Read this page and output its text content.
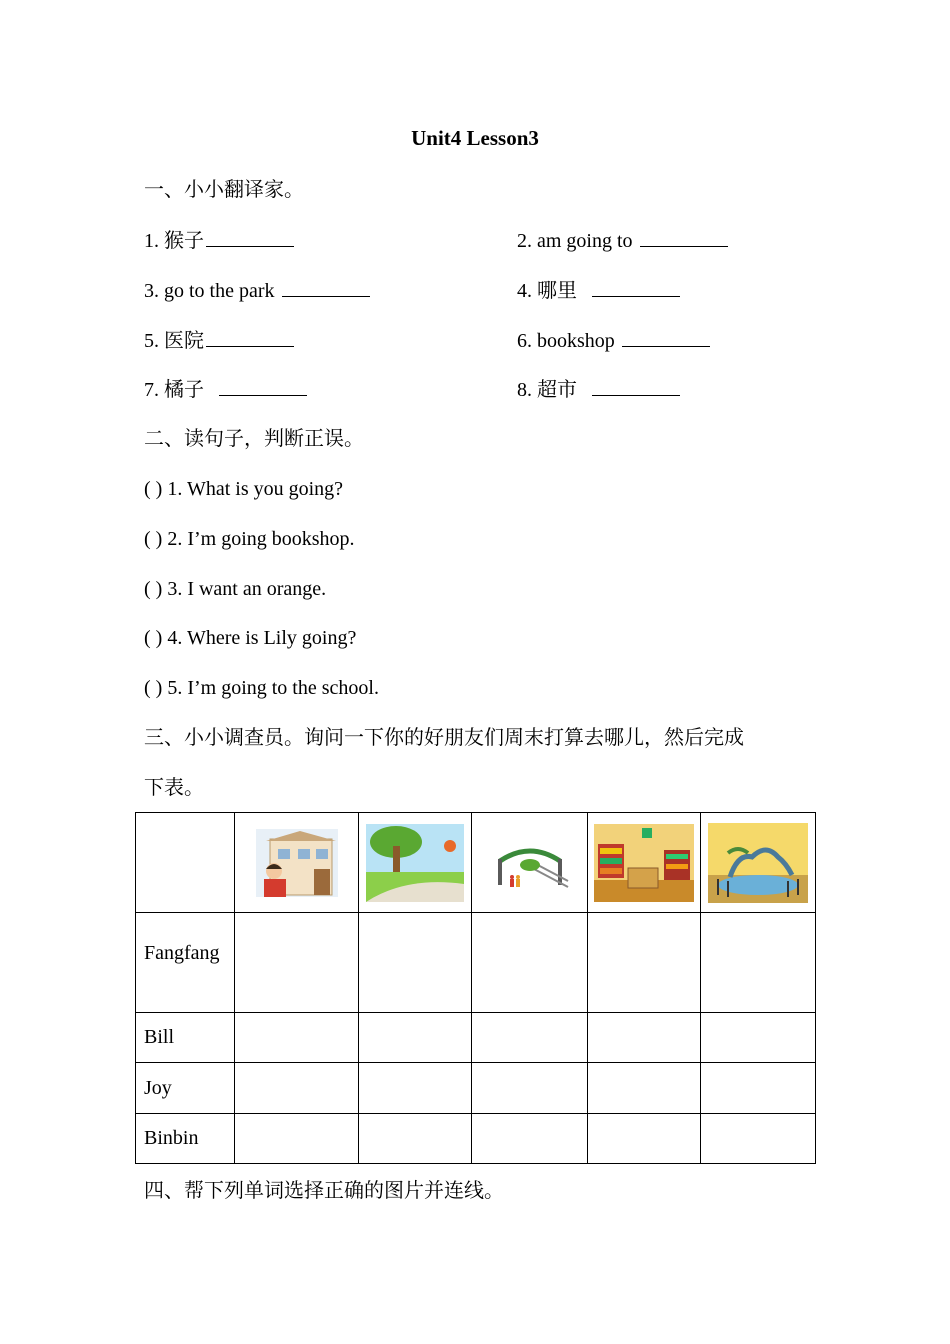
Unit4 Lesson3
一、小小翻译家。
1. 猴子	2. am going to
3. go to the park	4. 哪里
5. 医院	6. bookshop
7. 橘子	8. 超市
二、读句子，判断正误。
( ) 1. What is you going?
( ) 2. I’m going bookshop.
( ) 3. I want an orange.
( ) 4. Where is Lily going?
( ) 5. I’m going to the school.
三、小小调查员。询问一下你的好朋友们周末打算去哪儿，然后完成
下表。

Fangfang					

Bill					
Joy					
Binbin					
四、帮下列单词选择正确的图片并连线。
